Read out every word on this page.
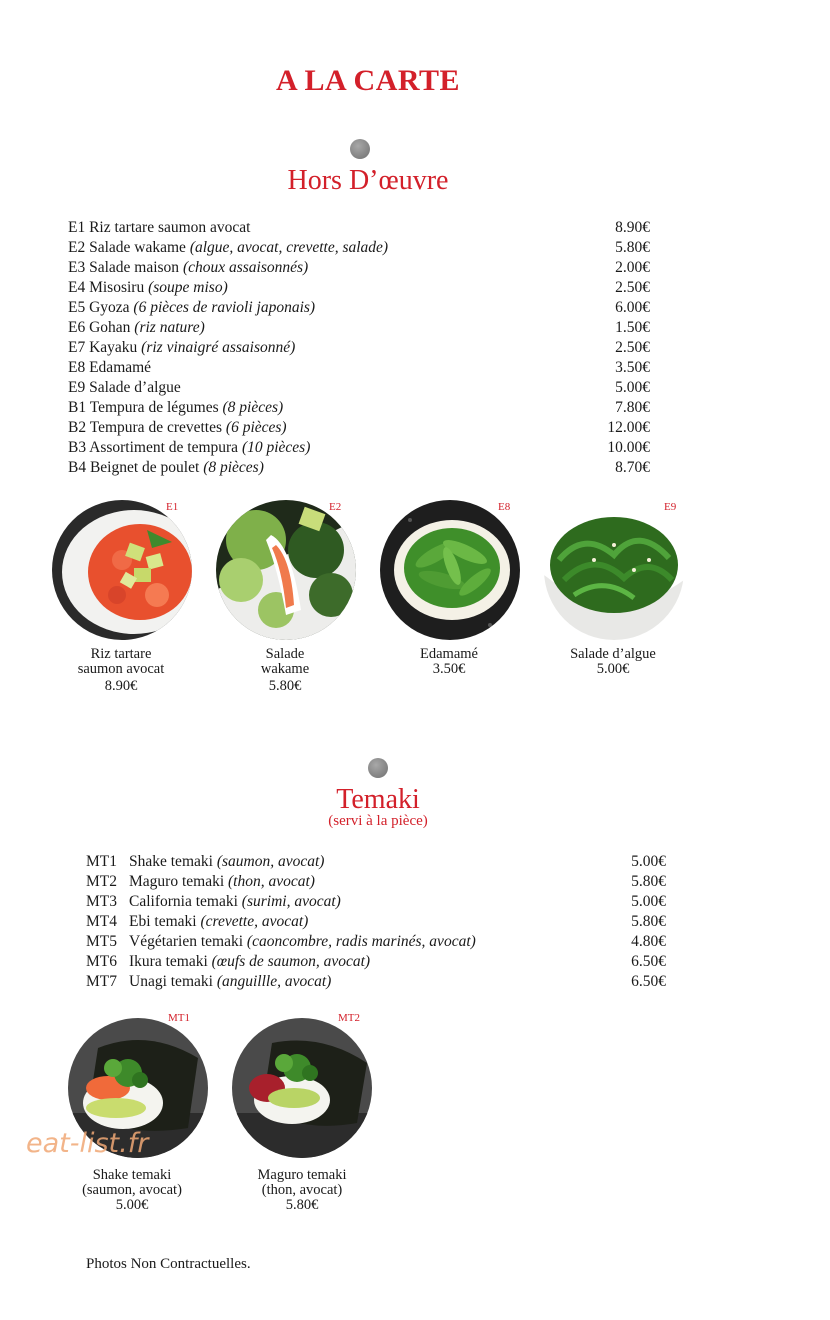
A LA CARTE
Hors D’œuvre
E1 Riz tartare saumon avocat	8.90€
E2 Salade wakame (algue, avocat, crevette, salade)	5.80€
E3 Salade maison (choux assaisonnés)	2.00€
E4 Misosiru (soupe miso)	2.50€
E5 Gyoza (6 pièces de ravioli japonais)	6.00€
E6 Gohan (riz nature)	1.50€
E7 Kayaku (riz vinaigré assaisonné)	2.50€
E8 Edamamé	3.50€
E9 Salade d’algue	5.00€
B1 Tempura de légumes (8 pièces)	7.80€
B2 Tempura de crevettes (6 pièces)	12.00€
B3 Assortiment de tempura (10 pièces)	10.00€
B4 Beignet de poulet (8 pièces)	8.70€
E1	E2	E8	E9
Riz tartare
saumon avocat
8.90€
Salade
wakame
5.80€
Edamamé
3.50€
Salade d’algue
5.00€
Temaki
(servi à la pièce)
MT1 Shake temaki (saumon, avocat)	5.00€
MT2 Maguro temaki (thon, avocat)	5.80€
MT3 California temaki (surimi, avocat)	5.00€
MT4 Ebi temaki (crevette, avocat)	5.80€
MT5 Végétarien temaki (caoncombre, radis marinés, avocat)	4.80€
MT6 Ikura temaki (œufs de saumon, avocat)	6.50€
MT7 Unagi temaki (anguillle, avocat)	6.50€
MT1	MT2
Shake temaki
(saumon, avocat)
5.00€
Maguro temaki
(thon, avocat)
5.80€
eat-list.fr
Photos Non Contractuelles.
